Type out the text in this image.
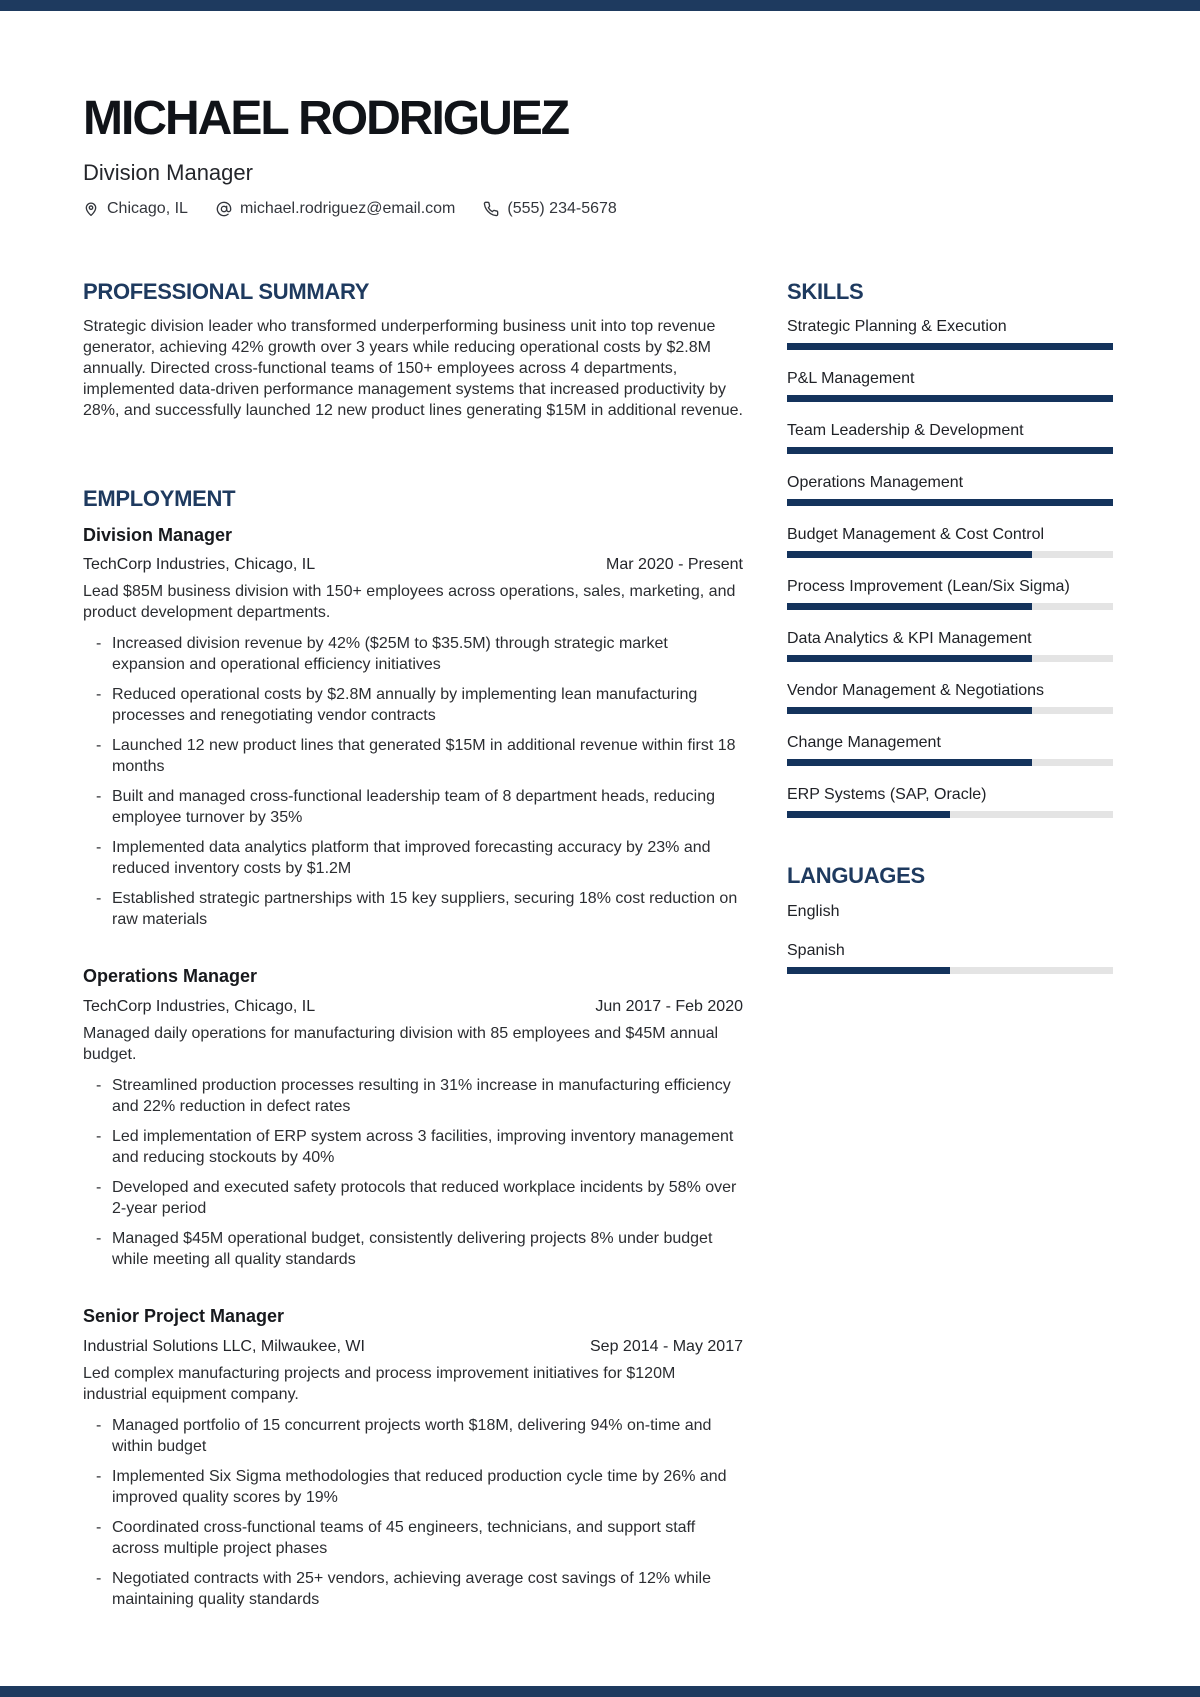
MICHAEL RODRIGUEZ
Division Manager
Chicago, IL	michael.rodriguez@email.com	(555) 234-5678
PROFESSIONAL SUMMARY

Strategic division leader who transformed underperforming business unit into top revenue generator, achieving 42% growth over 3 years while reducing operational costs by $2.8M annually. Directed cross-functional teams of 150+ employees across 4 departments, implemented data-driven performance management systems that increased productivity by 28%, and successfully launched 12 new product lines generating $15M in additional revenue.

EMPLOYMENT
Division Manager
TechCorp Industries, Chicago, IL	Mar 2020 - Present

Lead $85M business division with 150+ employees across operations, sales, marketing, and product development departments.

- Increased division revenue by 42% ($25M to $35.5M) through strategic market expansion and operational efficiency initiatives
- Reduced operational costs by $2.8M annually by implementing lean manufacturing processes and renegotiating vendor contracts
- Launched 12 new product lines that generated $15M in additional revenue within first 18 months
- Built and managed cross-functional leadership team of 8 department heads, reducing employee turnover by 35%
- Implemented data analytics platform that improved forecasting accuracy by 23% and reduced inventory costs by $1.2M
- Established strategic partnerships with 15 key suppliers, securing 18% cost reduction on raw materials
Operations Manager
TechCorp Industries, Chicago, IL	Jun 2017 - Feb 2020

Managed daily operations for manufacturing division with 85 employees and $45M annual budget.

- Streamlined production processes resulting in 31% increase in manufacturing efficiency and 22% reduction in defect rates
- Led implementation of ERP system across 3 facilities, improving inventory management and reducing stockouts by 40%
- Developed and executed safety protocols that reduced workplace incidents by 58% over 2-year period
- Managed $45M operational budget, consistently delivering projects 8% under budget while meeting all quality standards
Senior Project Manager
Industrial Solutions LLC, Milwaukee, WI	Sep 2014 - May 2017

Led complex manufacturing projects and process improvement initiatives for $120M industrial equipment company.

- Managed portfolio of 15 concurrent projects worth $18M, delivering 94% on-time and within budget
- Implemented Six Sigma methodologies that reduced production cycle time by 26% and improved quality scores by 19%
- Coordinated cross-functional teams of 45 engineers, technicians, and support staff across multiple project phases
- Negotiated contracts with 25+ vendors, achieving average cost savings of 12% while maintaining quality standards
SKILLS
Strategic Planning & Execution
P&L Management
Team Leadership & Development
Operations Management
Budget Management & Cost Control
Process Improvement (Lean/Six Sigma)
Data Analytics & KPI Management
Vendor Management & Negotiations
Change Management
ERP Systems (SAP, Oracle)
LANGUAGES
English
Spanish
